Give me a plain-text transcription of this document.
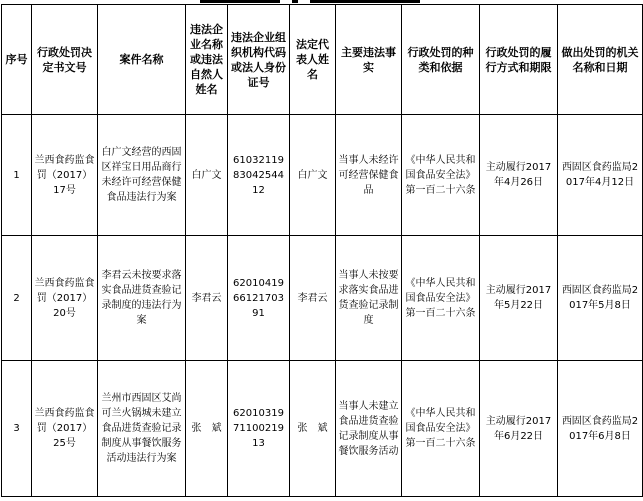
序号	行政处罚决定书文号	案件名称	违法企业名称或违法自然人姓名	违法企业组织机构代码或法人身份证号	法定代表人姓名	主要违法事实	行政处罚的种类和依据	行政处罚的履行方式和期限	做出处罚的机关名称和日期
1	兰西食药监食罚（2017）17号	白广文经营的西固区祥宝日用品商行未经许可经营保健食品违法行为案	白广文	610321198304254412	白广文	当事人未经许可经营保健食品	《中华人民共和国食品安全法》第一百二十六条	主动履行2017年4月26日	西固区食药监局2017年4月12日
2	兰西食药监食罚（2017）20号	李君云未按要求落实食品进货查验记录制度的违法行为案	李君云	620104196612170391	李君云	当事人未按要求落实食品进货查验记录制度	《中华人民共和国食品安全法》第一百二十六条	主动履行2017年5月22日	西固区食药监局2017年5月8日
3	兰西食药监食罚（2017）25号	兰州市西固区艾尚可兰火锅城未建立食品进货查验记录制度从事餐饮服务活动违法行为案	张　斌	620103197110021913	张　斌	当事人未建立食品进货查验记录制度从事餐饮服务活动	《中华人民共和国食品安全法》第一百二十六条	主动履行2017年6月22日	西固区食药监局2017年6月8日
